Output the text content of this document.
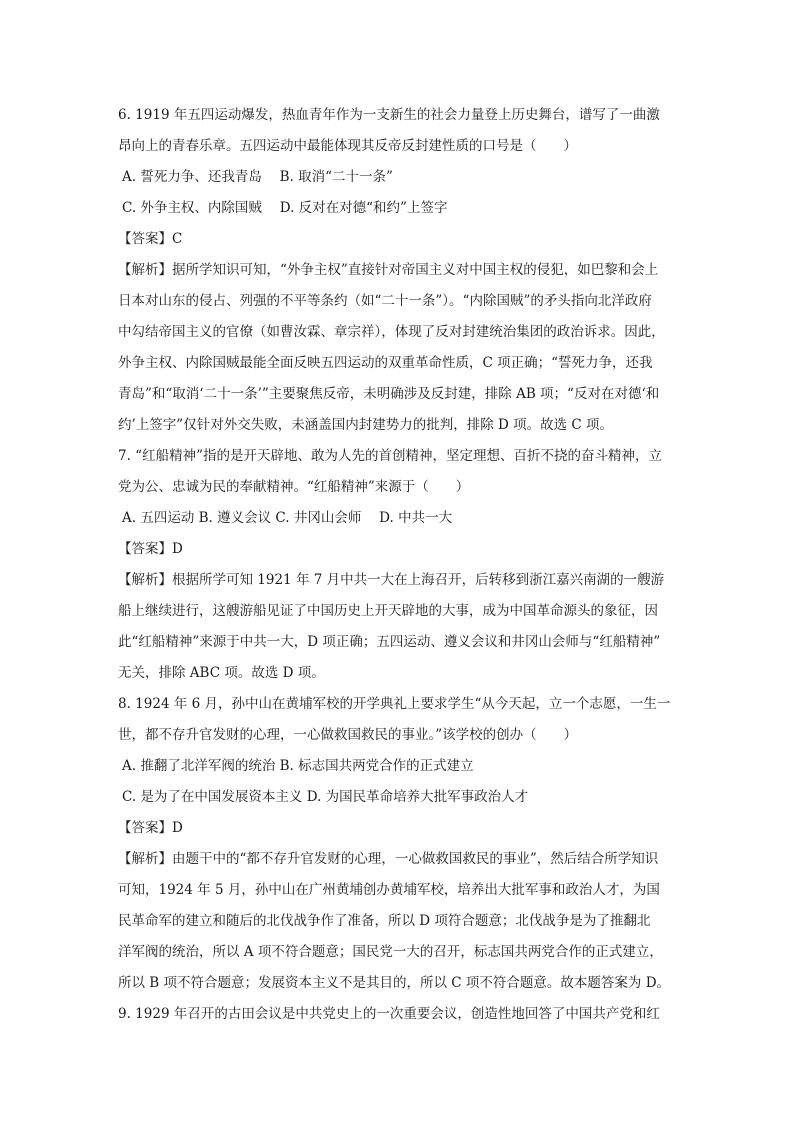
6. 1919 年五四运动爆发，热血青年作为一支新生的社会力量登上历史舞台，谱写了一曲激
昂向上的青春乐章。五四运动中最能体现其反帝反封建性质的口号是（　　）
A. 誓死力争、还我青岛　 B. 取消“二十一条”
C. 外争主权、内除国贼　 D. 反对在对德“和约”上签字
【答案】C
【解析】据所学知识可知，“外争主权”直接针对帝国主义对中国主权的侵犯，如巴黎和会上
日本对山东的侵占、列强的不平等条约（如“二十一条”）。“内除国贼”的矛头指向北洋政府
中勾结帝国主义的官僚（如曹汝霖、章宗祥），体现了反对封建统治集团的政治诉求。因此，
外争主权、内除国贼最能全面反映五四运动的双重革命性质，C 项正确；“誓死力争，还我
青岛”和“取消‘二十一条’”主要聚焦反帝，未明确涉及反封建，排除 AB 项；“反对在对德‘和
约’上签字”仅针对外交失败，未涵盖国内封建势力的批判，排除 D 项。故选 C 项。
7. “红船精神”指的是开天辟地、敢为人先的首创精神，坚定理想、百折不挠的奋斗精神，立
党为公、忠诚为民的奉献精神。“红船精神”来源于（　　）
A. 五四运动 B. 遵义会议 C. 井冈山会师　 D. 中共一大
【答案】D
【解析】根据所学可知 1921 年 7 月中共一大在上海召开，后转移到浙江嘉兴南湖的一艘游
船上继续进行，这艘游船见证了中国历史上开天辟地的大事，成为中国革命源头的象征，因
此“红船精神”来源于中共一大，D 项正确；五四运动、遵义会议和井冈山会师与“红船精神”
无关，排除 ABC 项。故选 D 项。
8. 1924 年 6 月，孙中山在黄埔军校的开学典礼上要求学生“从今天起，立一个志愿，一生一
世，都不存升官发财的心理，一心做救国救民的事业。”该学校的创办（　　）
A. 推翻了北洋军阀的统治 B. 标志国共两党合作的正式建立
C. 是为了在中国发展资本主义 D. 为国民革命培养大批军事政治人才
【答案】D
【解析】由题干中的“都不存升官发财的心理，一心做救国救民的事业”，然后结合所学知识
可知，1924 年 5 月，孙中山在广州黄埔创办黄埔军校，培养出大批军事和政治人才，为国
民革命军的建立和随后的北伐战争作了准备，所以 D 项符合题意；北伐战争是为了推翻北
洋军阀的统治，所以 A 项不符合题意；国民党一大的召开，标志国共两党合作的正式建立，
所以 B 项不符合题意；发展资本主义不是其目的，所以 C 项不符合题意。故本题答案为 D。
9. 1929 年召开的古田会议是中共党史上的一次重要会议，创造性地回答了中国共产党和红
